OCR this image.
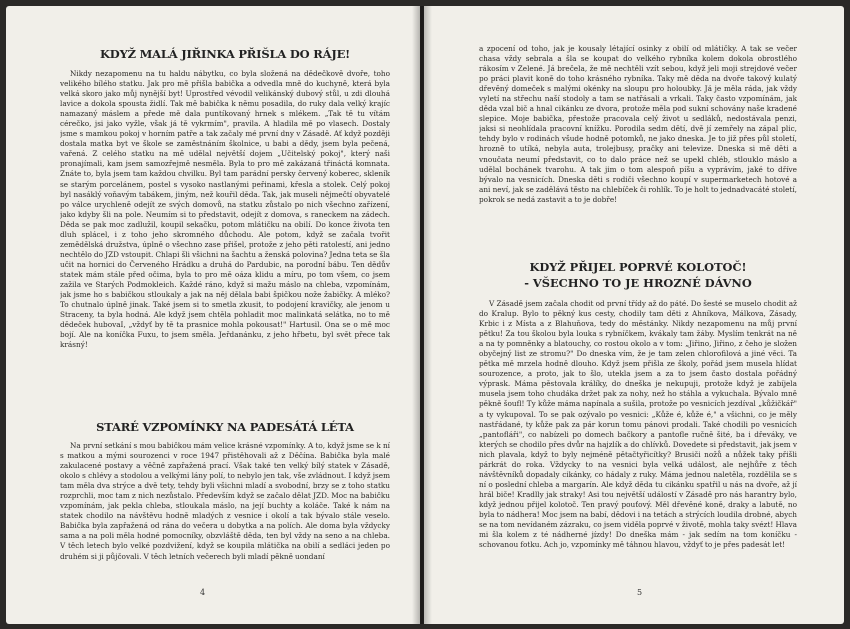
KDYŽ MALÁ JIŘINKA PŘIŠLA DO RÁJE!

Nikdy nezapomenu na tu haldu nábytku, co byla složená na dědečkově dvoře, toho velikého bílého statku. Jak pro mě přišla babička a odvedla mně do kuchyně, která byla velká skoro jako můj nynější byt! Uprostřed vévodil velikánský dubový stůl, u zdi dlouhá lavice a dokola spousta židlí. Tak mě babička k němu posadila, do ruky dala velký krajíc namazaný máslem a přede mě dala puntíkovaný hrnek s mlékem. „Tak tě tu vítám cérečko, jsi jako vyžle, však já tě vykrmím", pravila. A hladila mě po vlasech. Dostaly jsme s mamkou pokoj v horním patře a tak začaly mé první dny v Zásadě. Ať když později dostala matka byt ve škole se zaměstnáním školnice, u babi a dědy, jsem byla pečená, vařená. Z celého statku na mě udělal největší dojem „Učitelský pokoj", který naši pronajímali, kam jsem samozřejmě nesměla. Byla to pro mě zakázaná třináctá komnata. Znáte to, byla jsem tam každou chvilku. Byl tam parádní persky červený koberec, skleník se starým porcelánem, postel s vysoko nastlanými peřinami, křesla a stolek. Celý pokoj byl nasáklý voňavým tabákem, jiným, než kouřil děda. Tak, jak museli nějmečtí obyvatelé po válce urychleně odejít ze svých domovů, na statku zůstalo po nich všechno zařízení, jako kdyby šli na pole. Neumím si to představit, odejít z domova, s raneckem na zádech. Děda se pak moc zadlužil, koupil sekačku, potom mlátičku na obilí. Do konce života ten dluh splácel, i z toho jeho skromného důchodu. Ale potom, když se začala tvořit zemědělská družstva, úplně o všechno zase přišel, protože z jeho pěti ratolestí, ani jedno nechtělo do JZD vstoupit. Chlapi šli všichni na šachtu a ženská polovina? Jedna teta se šla učit na hornici do Červeného Hrádku a druhá do Pardubic, na porodní bábu. Ten dědův statek mám stále před očima, byla to pro mě oáza klidu a míru, po tom všem, co jsem zažila ve Starých Podmokleich. Každé ráno, když si mažu máslo na chleba, vzpomínám, jak jsme ho s babičkou stloukaly a jak na něj dělala babi špičkou nože žabičky. A mléko? To chutnalo úplně jinak. Také jsem si to smetla zkusit, to podojení kravičky, ale jenom u Straceny, ta byla hodná. Ale když jsem chtěla pohladit moc malinkatá selátka, no to mě dědeček hubovaI, „vždyť by tě ta prasnice mohla pokousat!" Hartusil. Ona se o mě moc bojí. Ale na koníčka Fuxu, to jsem směla. Jeřdanánku, z jeho hřbetu, byl svět přece tak krásný!

STARÉ VZPOMÍNKY NA PADESÁTÁ LÉTA

Na první setkání s mou babičkou mám velice krásné vzpomínky. A to, když jsme se k ní s matkou a mými sourozenci v roce 1947 přistěhovali až z Děčína. Babička byla malé zakulacené postavy a věčně zapřažená prací. Však také ten velký bílý statek v Zásadě, okolo s chlévy a stodolou a velkými lány polí, to nebylo jen tak, vše zvládnout. I když jsem tam měla dva strýce a dvě tety, tehdy byli všichni mladí a svobodní, brzy se z toho statku rozprchli, moc tam z nich nezůstalo. Především když se začalo dělat JZD. Moc na babičku vzpomínám, jak pekla chleba, stloukala máslo, na její buchty a koláče. Také k nám na statek chodilo na návštěvu hodně mladých z vesnice i okolí a tak bývalo stále veselo. Babička byla zapřažená od rána do večera u dobytka a na polích. Ale doma byla vždycky sama a na poli měla hodné pomocníky, obzvláště děda, ten byl vždy na seno a na chleba. V těch letech bylo velké pozdvižení, když se koupila mlátička na obilí a sedláci jeden po druhém si ji půjčovali. V těch letních večerech byli mladí pěkně uondaní

4

a zpocení od toho, jak je kousaly létající osinky z obilí od mlátičky. A tak se večer chasa vždy sebrala a šla se koupat do velkého rybníka kolem dokola obrostlého rákosím v Zelené. Já brečela, že mě nechtěli vzít sebou, když jeli moji strejdové večer po práci plavit koně do toho krásného rybníka. Taky mě děda na dvoře takový kulatý dřevěný domeček s malými okénky na sloupu pro holoubky. Já je měla ráda, jak vždy vyletí na střechu naší stodoly a tam se natřásali a vrkali. Taky často vzpomínám, jak děda vzal bič a hnal cikánku ze dvora, protože měla pod sukní schovány naše kradené slepice. Moje babička, přestože pracovala celý život u sedláků, nedostávala penzi, jaksi si neohlídala pracovní knížku. Porodila sedm dětí, dvě jí zemřely na zápal plic, tehdy bylo v rodinách všude hodně potomků, ne jako dneska. Je to již přes půl století, hrozně to utíká, nebyla auta, trolejbusy, pračky ani televize. Dneska si mě děti a vnoučata neumí představit, co to dalo práce než se upekl chléb, stlouklo máslo a udělal bochánek tvarohu. A tak jim o tom alespoň píšu a vyprávím, jaké to dříve bývalo na vesnicích. Dneska děti s rodiči všechno koupí v supermarketech hotové a ani neví, jak se zadělává těsto na chlebíček či rohlík. To je holt to jednadvacáté století, pokrok se nedá zastavit a to je dobře!

KDYŽ PŘIJEL POPRVÉ KOLOTOČ!
- VŠECHNO TO JE HROZNÉ DÁVNO

V Zásadě jsem začala chodit od první třídy až do páté. Do šesté se muselo chodit až do Kralup. Bylo to pěkný kus cesty, chodily tam děti z Ahníkova, Málkova, Zásady, Krbic i z Místa a z Blahuňova, tedy do městánky. Nikdy nezapomenu na můj první pětku! Za tou školou byla louka s rybníčkem, kvákaly tam žáby. Myslím tenkrát na ně a na ty pomněnky a blatouchy, co rostou okolo a v tom: „Jiřino, Jiřino, z čeho je složen obyčejný list ze stromu?" Do dneska vím, že je tam zelen chlorofilová a jiné věci. Ta pětka mě mrzela hodně dlouho. Když jsem přišla ze školy, pořád jsem musela hlídat sourozence, a proto, jak to šlo, utekla jsem a za to jsem často dostala pořádný výprask. Máma pěstovala králíky, do dneška je nekupuji, protože když je zabíjela musela jsem toho chudáka držet pak za nohy, než ho stáhla a vykuchala. Bývalo mně pěkně šoufl! Ty kůže máma napínala a sušila, protože po vesnicích jezdíval „kůžičkář" a ty vykupoval. To se pak ozývalo po vesnici: „Kůže é, kůže é," a všichni, co je měly nastřádané, ty kůže pak za pár korun tomu pánovi prodali. Také chodili po vesnicích „pantofláři", co nabízeli po domech bačkory a pantofle ručně šité, ba i dřeváky, ve kterých se chodilo přes dvůr na hajzlík a do chlívků. Dovedete si představit, jak jsem v nich plavala, když to byly nejméně pětačtyřicítky? Brusiči nožů a nůžek taky přišli párkrát do roka. Vždycky to na vesnici byla velká událost, ale nejhůře z těch návštěvníků dopadaly cikánky, co hádaly z ruky. Máma jednou naletěla, rozdělila se s ní o poslední chleba a margarín. Ale když děda tu cikánku spatřil u nás na dvoře, až jí hrál biče! Kradlly jak straky! Asi tou největší událostí v Zásadě pro nás harantry bylo, když jednou přijel kolotoč. Ten pravý pouťový. Měl dřevěné koně, draky a labutě, no byla to nádhera! Moc jsem na babí, dědovi i na tetách a strýcích loudila drobné, abych se na tom nevídaném zázraku, co jsem viděla poprvé v životě, mohla taky svézt! Hlava mi šla kolem z té nádherné jízdy! Do dneška mám - jak sedím na tom koníčku - schovanou fotku. Ach jo, vzpomínky mě táhnou hlavou, vždyť to je přes padesát let!

5
